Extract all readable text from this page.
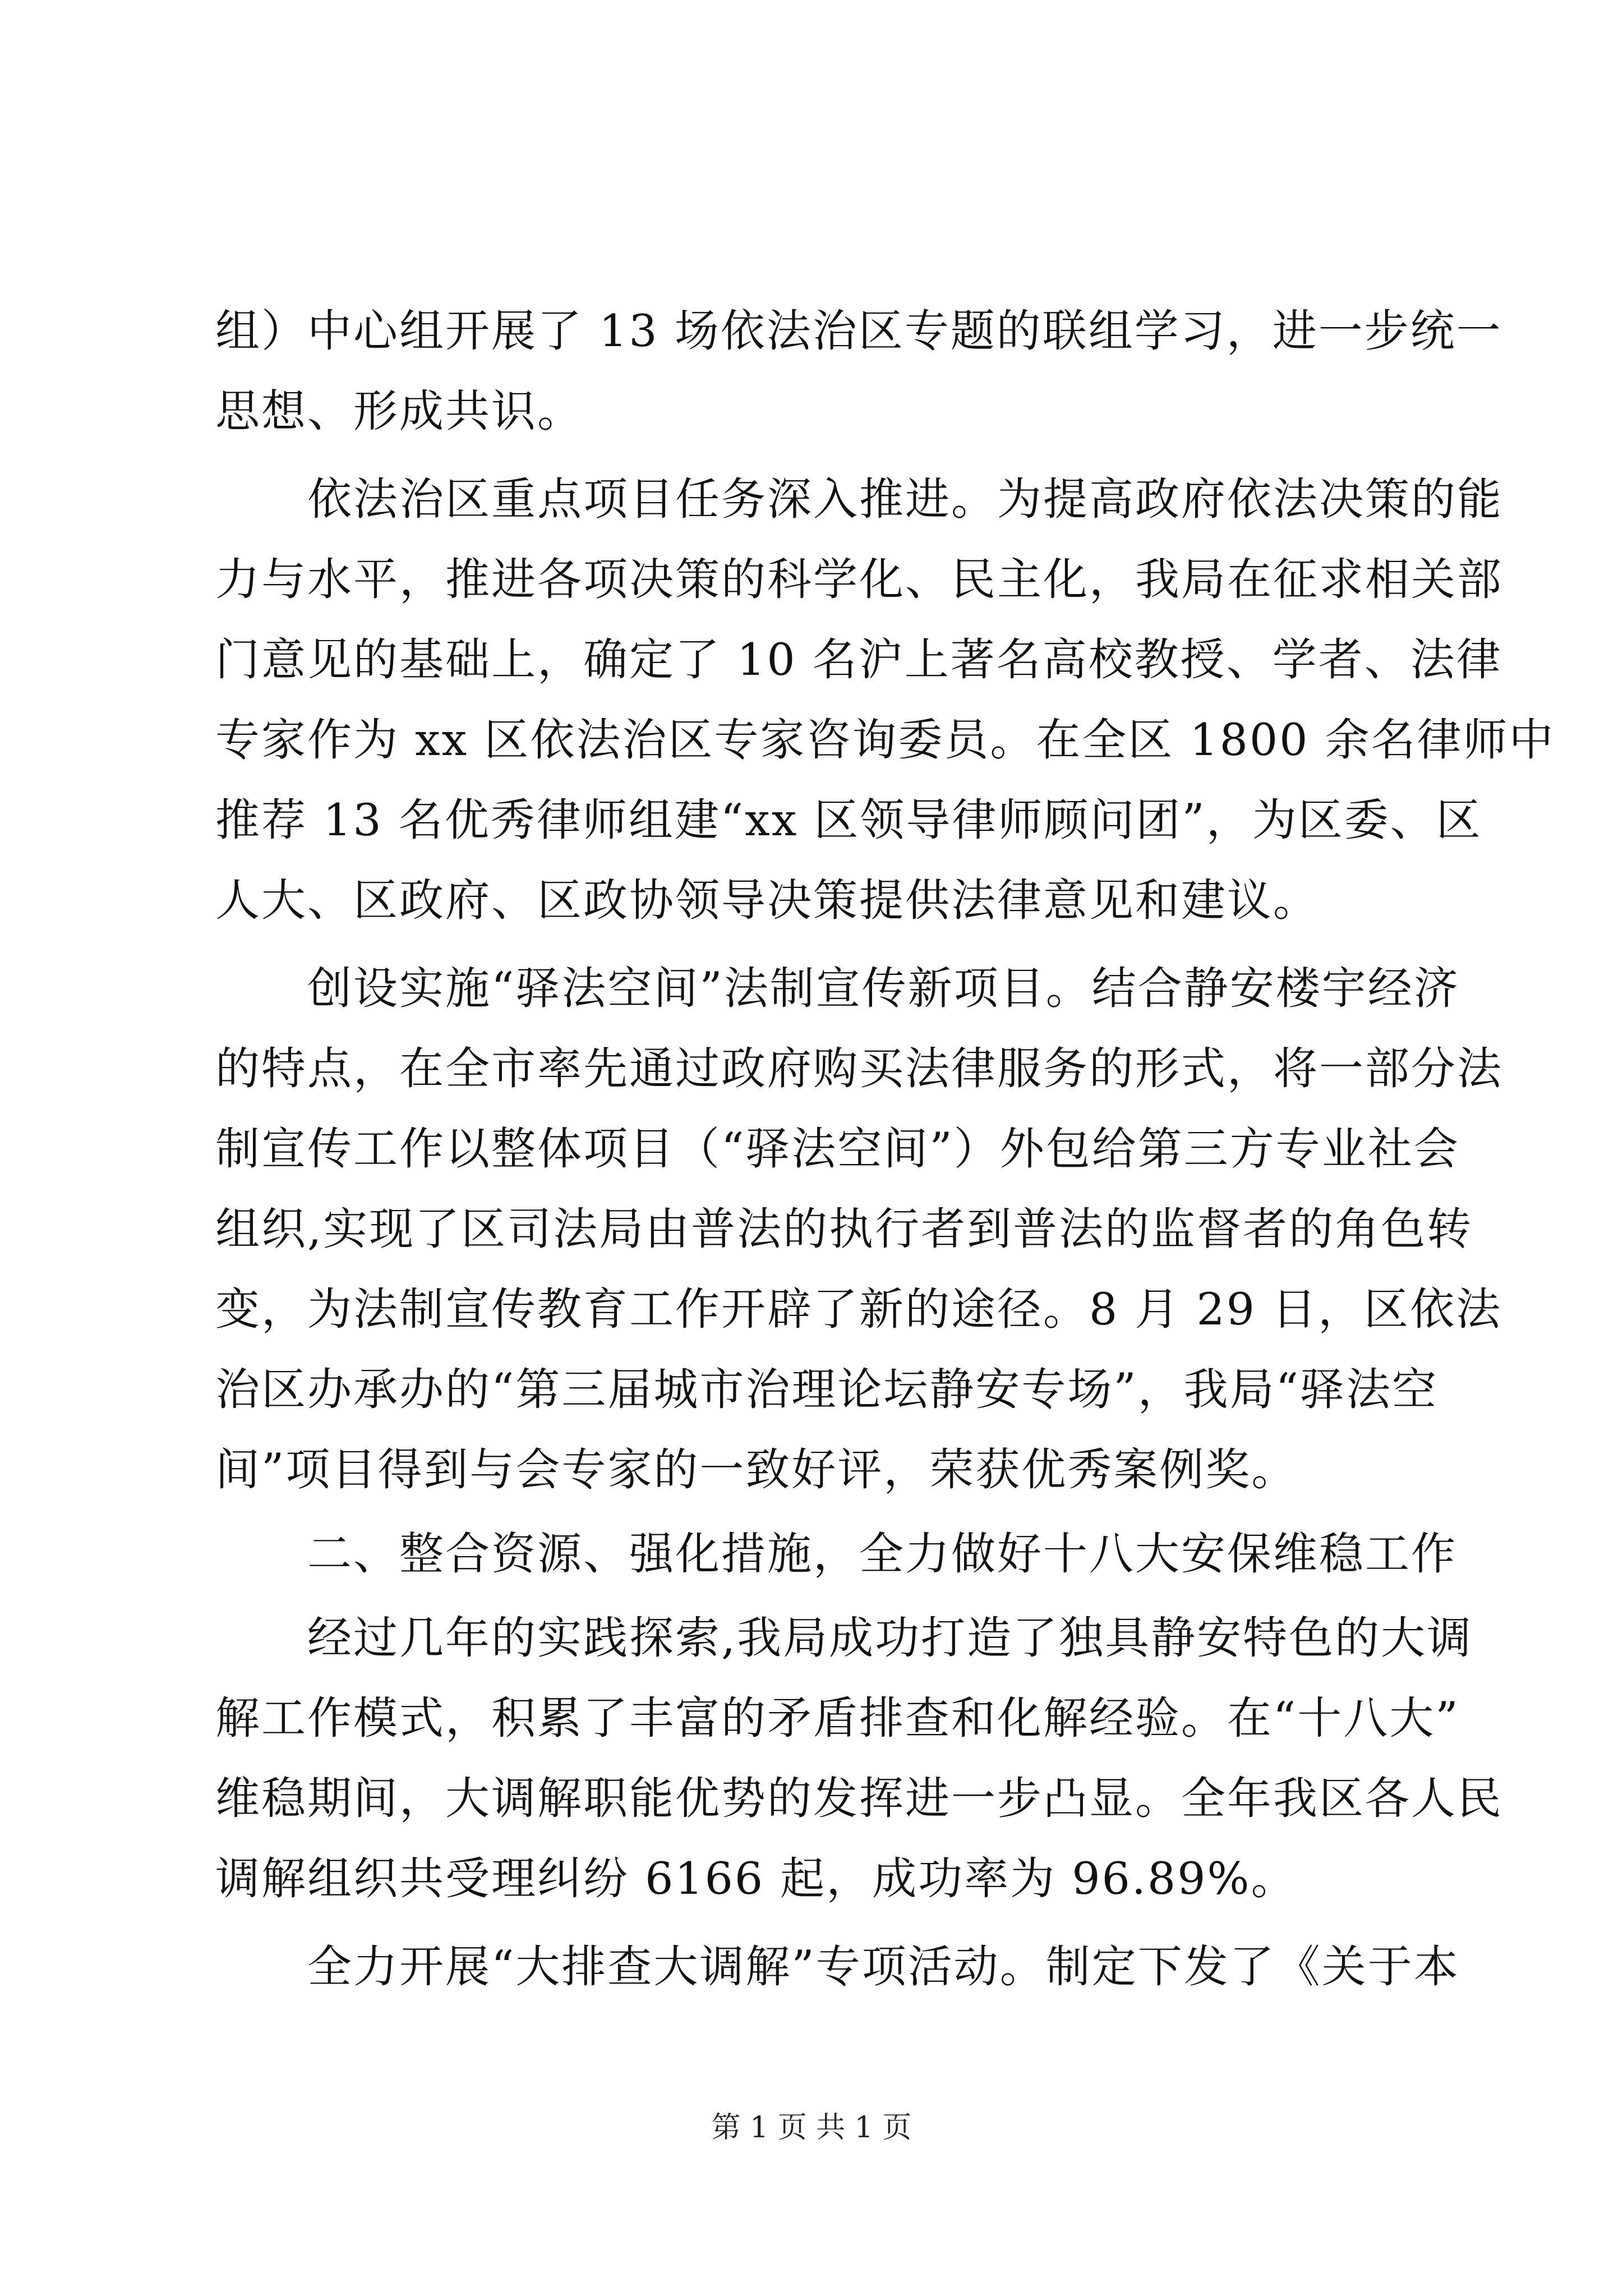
组）中心组开展了 13 场依法治区专题的联组学习，进一步统一

思想、形成共识。

　　依法治区重点项目任务深入推进。为提高政府依法决策的能

力与水平，推进各项决策的科学化、民主化，我局在征求相关部

门意见的基础上，确定了 10 名沪上著名高校教授、学者、法律

专家作为 xx 区依法治区专家咨询委员。在全区 1800 余名律师中

推荐 13 名优秀律师组建“xx 区领导律师顾问团”，为区委、区

人大、区政府、区政协领导决策提供法律意见和建议。

　　创设实施“驿法空间”法制宣传新项目。结合静安楼宇经济

的特点，在全市率先通过政府购买法律服务的形式，将一部分法

制宣传工作以整体项目（“驿法空间”）外包给第三方专业社会

组织,实现了区司法局由普法的执行者到普法的监督者的角色转

变，为法制宣传教育工作开辟了新的途径。8 月 29 日，区依法

治区办承办的“第三届城市治理论坛静安专场”，我局“驿法空

间”项目得到与会专家的一致好评，荣获优秀案例奖。

　　二、整合资源、强化措施，全力做好十八大安保维稳工作

　　经过几年的实践探索,我局成功打造了独具静安特色的大调

解工作模式，积累了丰富的矛盾排查和化解经验。在“十八大”

维稳期间，大调解职能优势的发挥进一步凸显。全年我区各人民

调解组织共受理纠纷 6166 起，成功率为 96.89%。

　　全力开展“大排查大调解”专项活动。制定下发了《关于本

第 1 页 共 1 页
